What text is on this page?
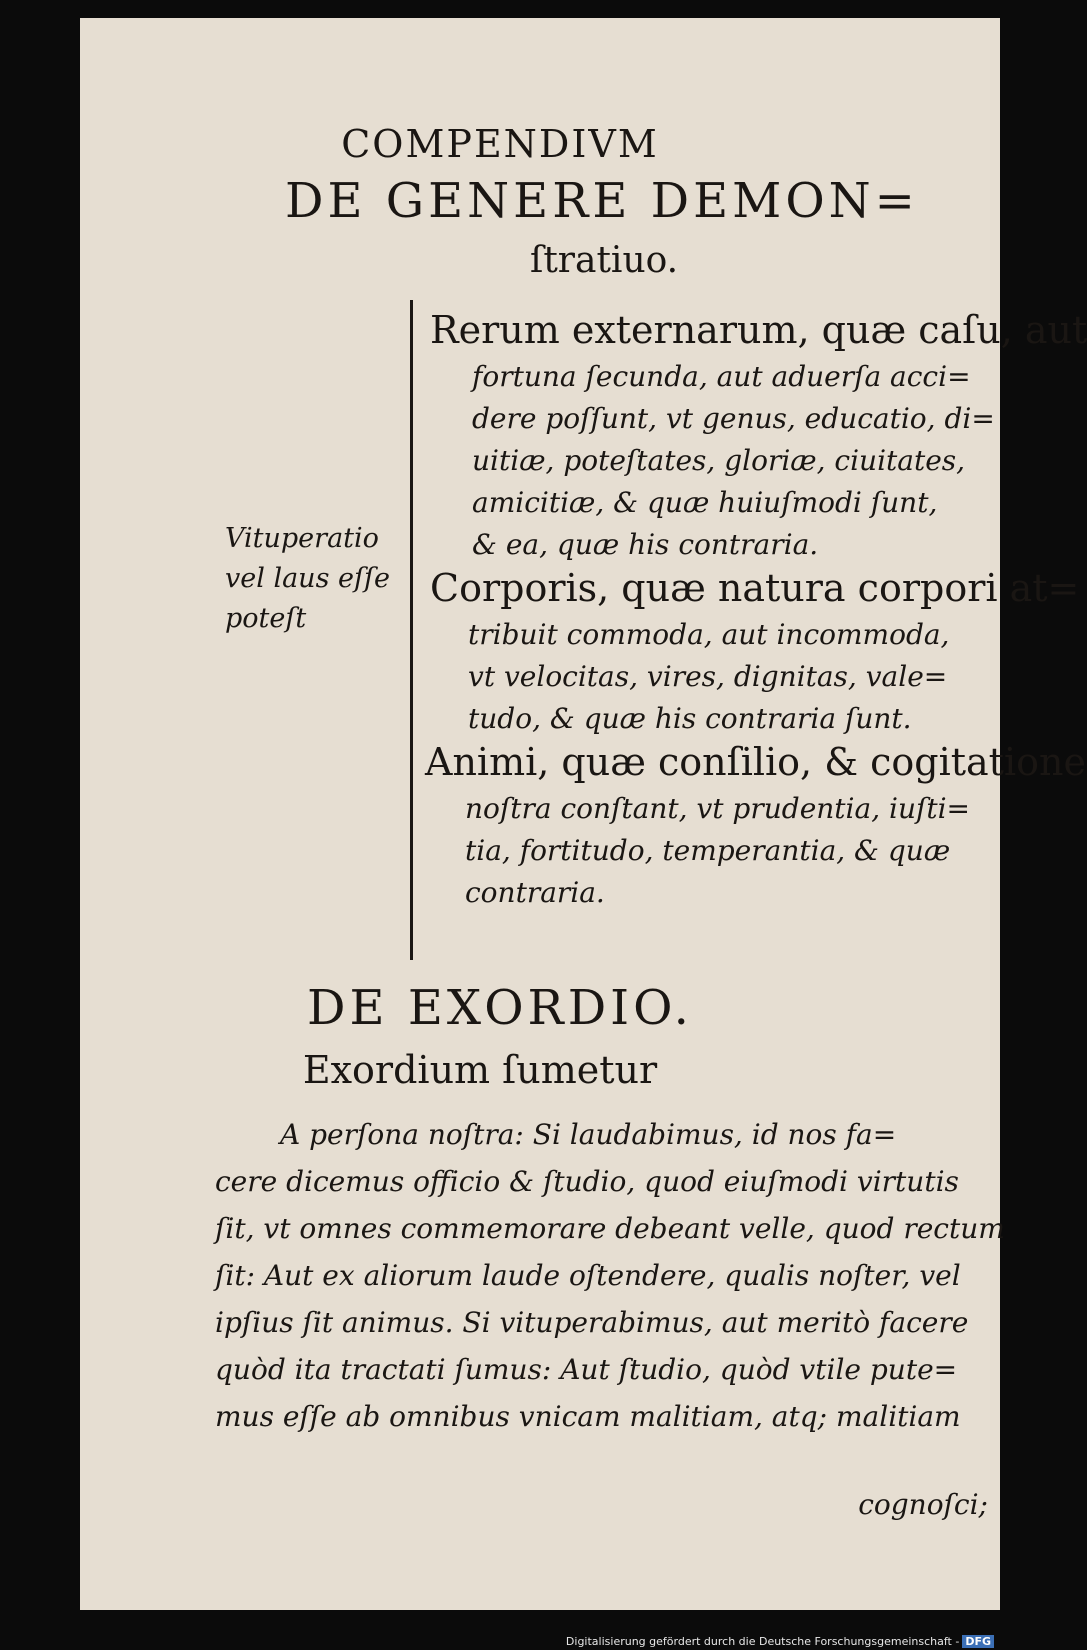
COMPENDIVM
DE GENERE DEMON=
ſtratiuo.
Vituperatio
vel laus eſſe
poteſt
Rerum externarum, quæ caſu, aut
fortuna ſecunda, aut aduerſa acci=
dere poſſunt, vt genus, educatio, di=
uitiæ, poteſtates, gloriæ, ciuitates,
amicitiæ, & quæ huiuſmodi ſunt,
& ea, quæ his contraria.
Corporis, quæ natura corpori at=
tribuit commoda, aut incommoda,
vt velocitas, vires, dignitas, vale=
tudo, & quæ his contraria ſunt.
Animi, quæ conſilio, & cogitatione
noſtra conſtant, vt prudentia, iuſti=
tia, fortitudo, temperantia, & quæ
contraria.
DE EXORDIO.
Exordium ſumetur
A perſona noſtra: Si laudabimus, id nos fa=
cere dicemus officio & ſtudio, quod eiuſmodi virtutis
ſit, vt omnes commemorare debeant velle, quod rectum
ſit: Aut ex aliorum laude oſtendere, qualis noſter, vel
ipſius ſit animus. Si vituperabimus, aut meritò facere
quòd ita tractati ſumus: Aut ſtudio, quòd vtile pute=
mus eſſe ab omnibus vnicam malitiam, atq; malitiam
cognoſci;
Digitalisierung gefördert durch die Deutsche Forschungsgemeinschaft - DFG
